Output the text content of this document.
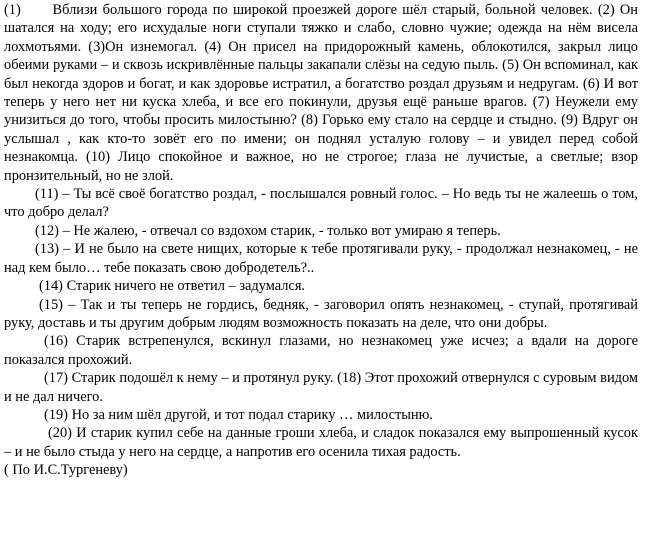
(1)      Вблизи большого города по широкой проезжей дороге шёл старый, больной человек. (2) Он шатался на ходу; его исхудалые ноги ступали тяжко и слабо, словно чужие; одежда на нём висела лохмотьями. (3)Он изнемогал. (4) Он присел на придорожный камень, облокотился, закрыл лицо обеими руками – и сквозь искривлённые пальцы закапали слёзы на седую пыль. (5) Он вспоминал, как был некогда здоров и богат, и как здоровье истратил, а богатство роздал друзьям и недругам. (6) И вот теперь у него нет ни куска хлеба, и все его покинули, друзья ещё раньше врагов. (7) Неужели ему унизиться до того, чтобы просить милостыню? (8) Горько ему стало на сердце и стыдно. (9) Вдруг он услышал , как кто-то зовёт его по имени; он поднял усталую голову – и увидел перед собой незнакомца. (10) Лицо спокойное и важное, но не строгое; глаза не лучистые, а светлые; взор пронзительный, но не злой.

(11) – Ты всё своё богатство роздал, - послышался ровный голос. – Но ведь ты не жалеешь о том, что добро делал?

(12) – Не жалею, - отвечал со вздохом старик, - только вот умираю я теперь.

(13) – И не было на свете нищих, которые к тебе протягивали руку, - продолжал незнакомец, - не над кем было… тебе показать свою добродетель?..

(14) Старик ничего не ответил – задумался.

(15) – Так и ты теперь не гордись, бедняк, - заговорил опять незнакомец, - ступай, протягивай руку, доставь и ты другим добрым людям возможность показать на деле, что они добры.

(16) Старик встрепенулся, вскинул глазами, но незнакомец уже исчез; а вдали на дороге показался прохожий.

(17) Старик подошёл к нему – и протянул руку. (18) Этот прохожий отвернулся с суровым видом и не дал ничего.

(19) Но за ним шёл другой, и тот подал старику … милостыню.

(20) И старик купил себе на данные гроши хлеба, и сладок показался ему выпрошенный кусок – и не было стыда у него на сердце, а напротив его осенила тихая радость.

( По И.С.Тургеневу)
